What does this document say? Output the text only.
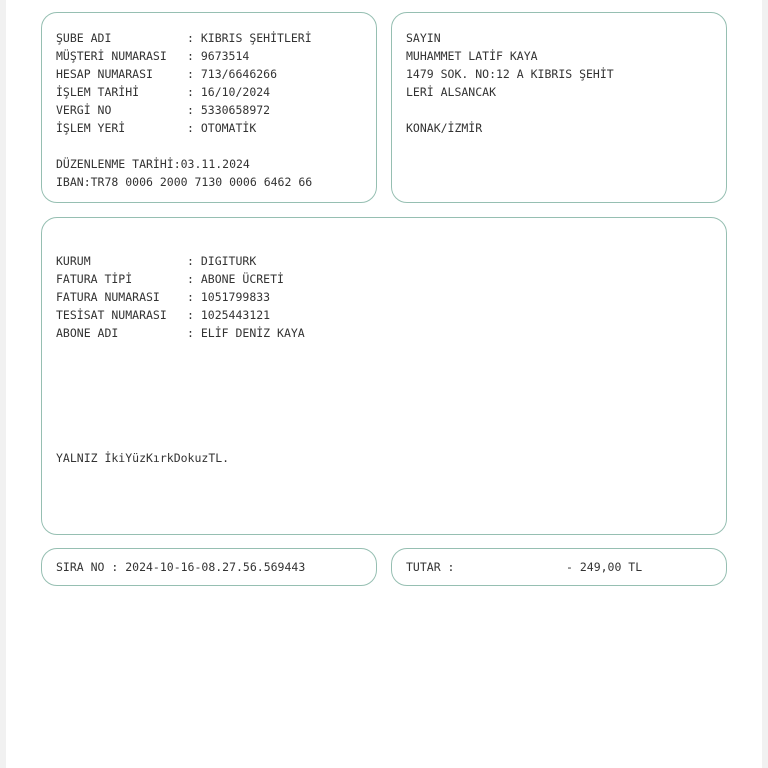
ŞUBE ADI	: KIBRIS ŞEHİTLERİ
MÜŞTERİ NUMARASI : 9673514
HESAP NUMARASI	: 713/6646266
İŞLEM TARİHİ	: 16/10/2024
VERGİ NO	: 5330658972
İŞLEM YERİ	: OTOMATİK
DÜZENLENME TARİHİ:03.11.2024
IBAN:TR78 0006 2000 7130 0006 6462 66
SAYIN
MUHAMMET LATİF KAYA
1479 SOK. NO:12 A KIBRIS ŞEHİT
LERİ ALSANCAK
KONAK/İZMİR
KURUM	: DIGITURK
FATURA TİPİ	: ABONE ÜCRETİ
FATURA NUMARASI : 1051799833
TESİSAT NUMARASI : 1025443121
ABONE ADI	: ELİF DENİZ KAYA
YALNIZ İkiYüzKırkDokuzTL.
SIRA NO : 2024-10-16-08.27.56.569443	TUTAR :	- 249,00 TL
